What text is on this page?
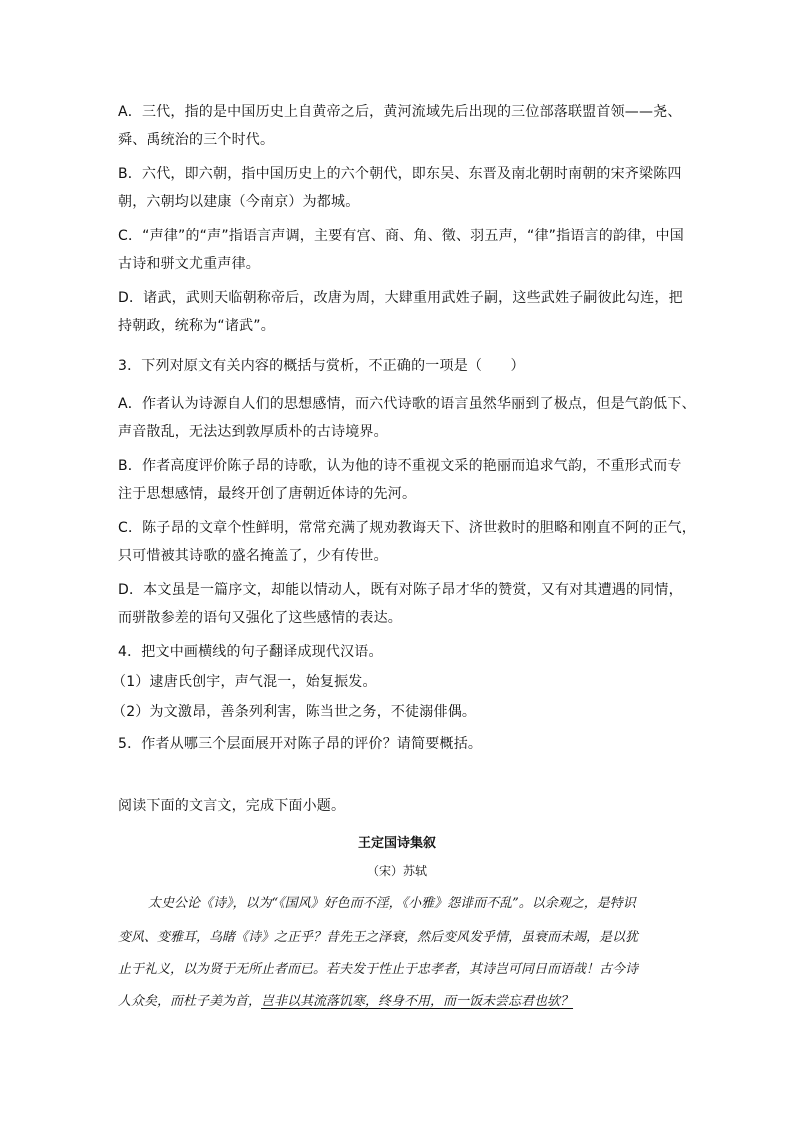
A．三代，指的是中国历史上自黄帝之后，黄河流域先后出现的三位部落联盟首领——尧、
舜、禹统治的三个时代。
B．六代，即六朝，指中国历史上的六个朝代，即东吴、东晋及南北朝时南朝的宋齐梁陈四
朝，六朝均以建康（今南京）为都城。
C．“声律”的“声”指语言声调，主要有宫、商、角、徵、羽五声，“律”指语言的韵律，中国
古诗和骈文尤重声律。
D．诸武，武则天临朝称帝后，改唐为周，大肆重用武姓子嗣，这些武姓子嗣彼此勾连，把
持朝政，统称为“诸武”。
3．下列对原文有关内容的概括与赏析，不正确的一项是（　　）
A．作者认为诗源自人们的思想感情，而六代诗歌的语言虽然华丽到了极点，但是气韵低下、
声音散乱，无法达到敦厚质朴的古诗境界。
B．作者高度评价陈子昂的诗歌，认为他的诗不重视文采的艳丽而追求气韵，不重形式而专
注于思想感情，最终开创了唐朝近体诗的先河。
C．陈子昂的文章个性鲜明，常常充满了规劝教诲天下、济世救时的胆略和刚直不阿的正气，
只可惜被其诗歌的盛名掩盖了，少有传世。
D．本文虽是一篇序文，却能以情动人，既有对陈子昂才华的赞赏，又有对其遭遇的同情，
而骈散参差的语句又强化了这些感情的表达。
4．把文中画横线的句子翻译成现代汉语。
（1）逮唐氏创宇，声气混一，始复振发。
（2）为文激昂，善条列利害，陈当世之务，不徒溺俳偶。
5．作者从哪三个层面展开对陈子昂的评价？请简要概括。
阅读下面的文言文，完成下面小题。
王定国诗集叙
（宋）苏轼
太史公论《诗》，以为“《国风》好色而不淫，《小雅》怨诽而不乱”。以余观之，是特识
变风、变雅耳，乌睹《诗》之正乎？昔先王之泽衰，然后变风发乎情，虽衰而未竭，是以犹
止于礼义，以为贤于无所止者而已。若夫发于性止于忠孝者，其诗岂可同日而语哉！古今诗
人众矣，而杜子美为首，岂非以其流落饥寒，终身不用，而一饭未尝忘君也欤？
